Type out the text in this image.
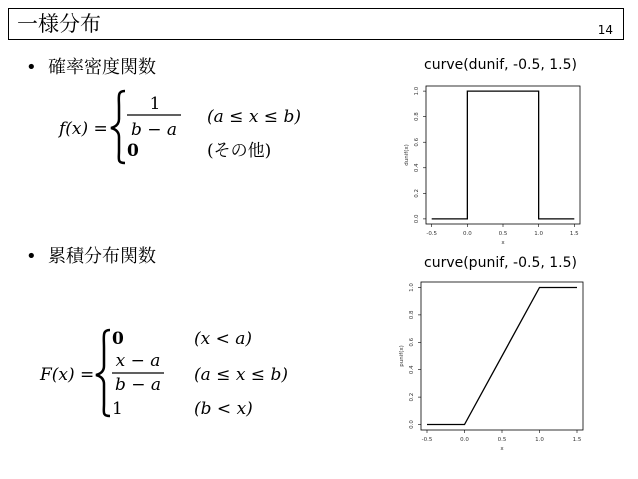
一様分布	14
• 確率密度関数
• 累積分布関数
f(x) =
1
b − a
(a ≤ x ≤ b)
0	(その他)
F(x) =
0	(x < a)
x − a
b − a (a ≤ x ≤ b)
1	(b < x)
curve(dunif, -0.5, 1.5)
-0.5	0.0	0.5	1.0	1.5
0.0
0.2
0.4
0.6
0.8
1.0
x
dunif(x)
curve(punif, -0.5, 1.5)
-0.5	0.0	0.5	1.0	1.5
0.0
0.2
0.4
0.6
0.8
1.0
x
punif(x)
